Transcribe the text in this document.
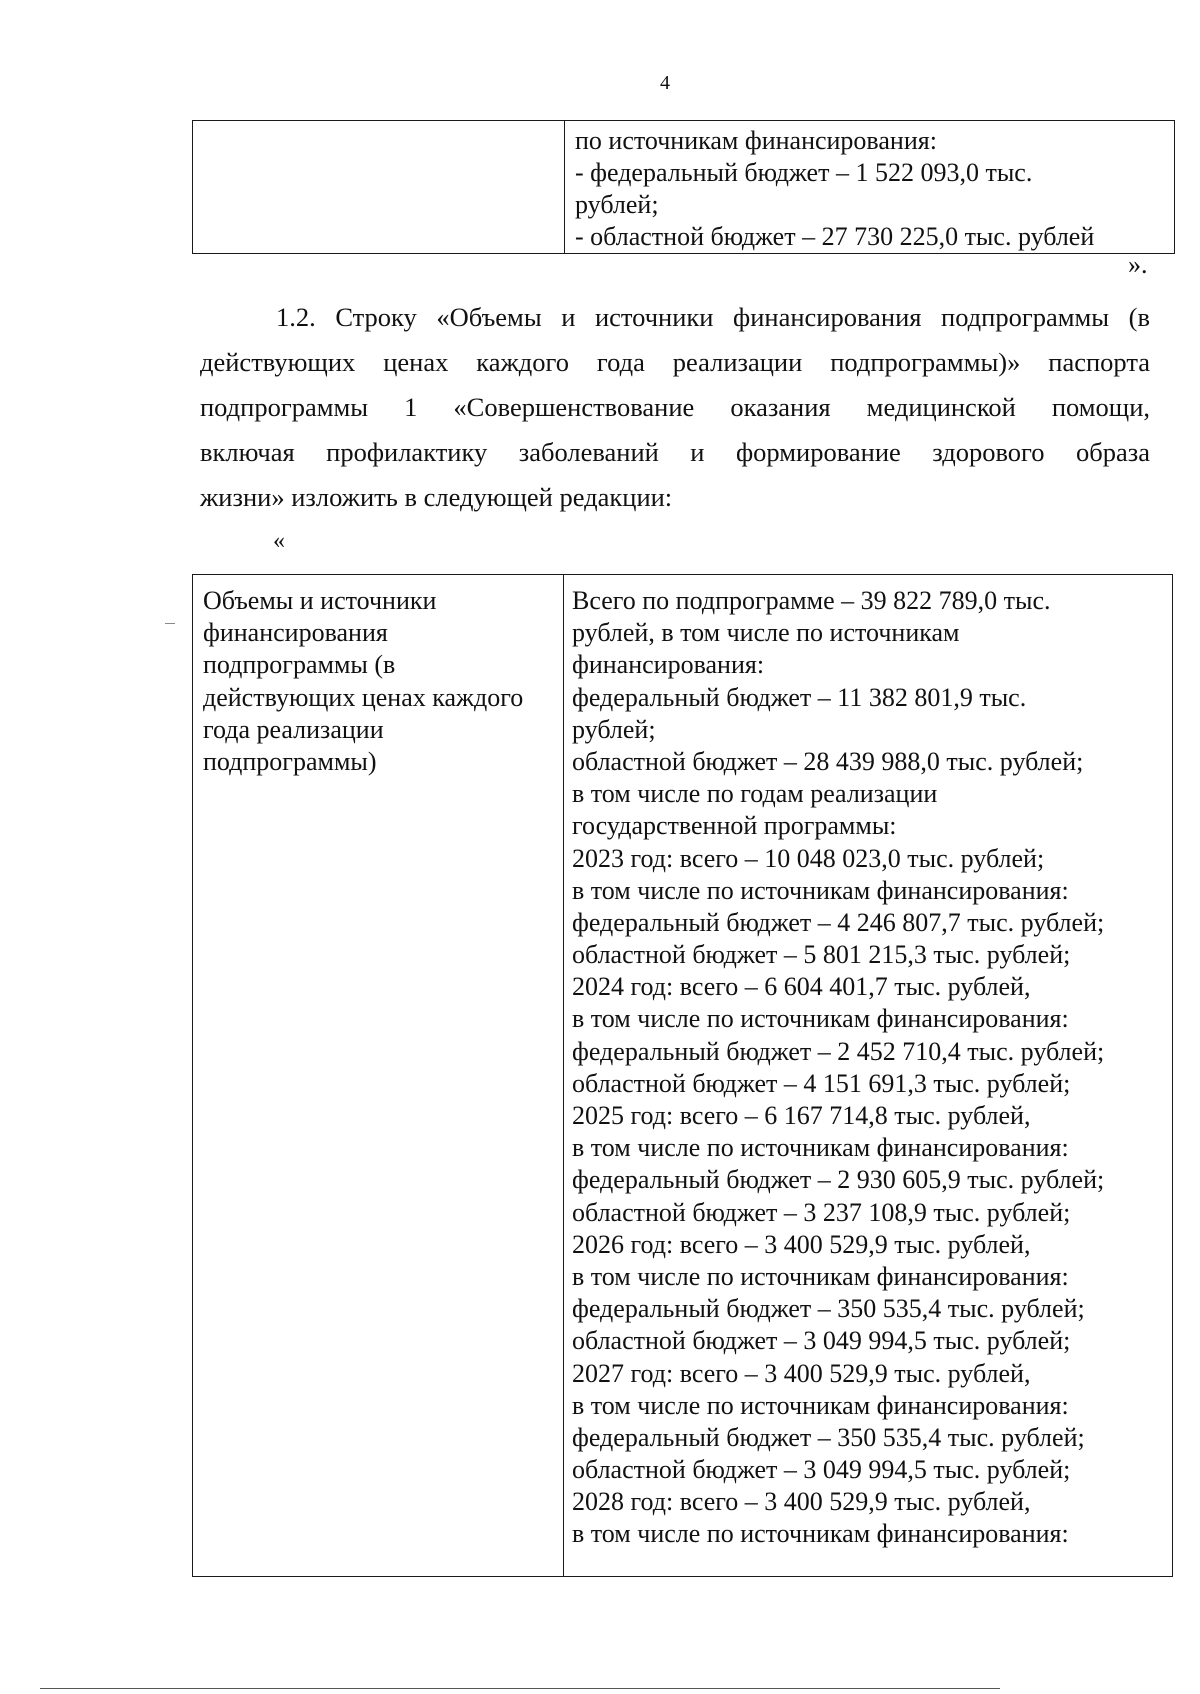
4
по источникам финансирования:
- федеральный бюджет – 1 522 093,0 тыс.
рублей;
- областной бюджет – 27 730 225,0 тыс. рублей
».
1.2. Строку «Объемы и источники финансирования подпрограммы (в
действующих ценах каждого года реализации подпрограммы)» паспорта
подпрограммы 1 «Совершенствование оказания медицинской помощи,
включая профилактику заболеваний и формирование здорового образа
жизни» изложить в следующей редакции:
«
Объемы и источники
финансирования
подпрограммы (в
действующих ценах каждого
года реализации
подпрограммы)
Всего по подпрограмме – 39 822 789,0 тыс.
рублей, в том числе по источникам
финансирования:
федеральный бюджет – 11 382 801,9 тыс.
рублей;
областной бюджет – 28 439 988,0 тыс. рублей;
в том числе по годам реализации
государственной программы:
2023 год: всего – 10 048 023,0 тыс. рублей;
в том числе по источникам финансирования:
федеральный бюджет – 4 246 807,7 тыс. рублей;
областной бюджет – 5 801 215,3 тыс. рублей;
2024 год: всего – 6 604 401,7 тыс. рублей,
в том числе по источникам финансирования:
федеральный бюджет – 2 452 710,4 тыс. рублей;
областной бюджет – 4 151 691,3 тыс. рублей;
2025 год: всего – 6 167 714,8 тыс. рублей,
в том числе по источникам финансирования:
федеральный бюджет – 2 930 605,9 тыс. рублей;
областной бюджет – 3 237 108,9 тыс. рублей;
2026 год: всего – 3 400 529,9 тыс. рублей,
в том числе по источникам финансирования:
федеральный бюджет – 350 535,4 тыс. рублей;
областной бюджет – 3 049 994,5 тыс. рублей;
2027 год: всего – 3 400 529,9 тыс. рублей,
в том числе по источникам финансирования:
федеральный бюджет – 350 535,4 тыс. рублей;
областной бюджет – 3 049 994,5 тыс. рублей;
2028 год: всего – 3 400 529,9 тыс. рублей,
в том числе по источникам финансирования:
